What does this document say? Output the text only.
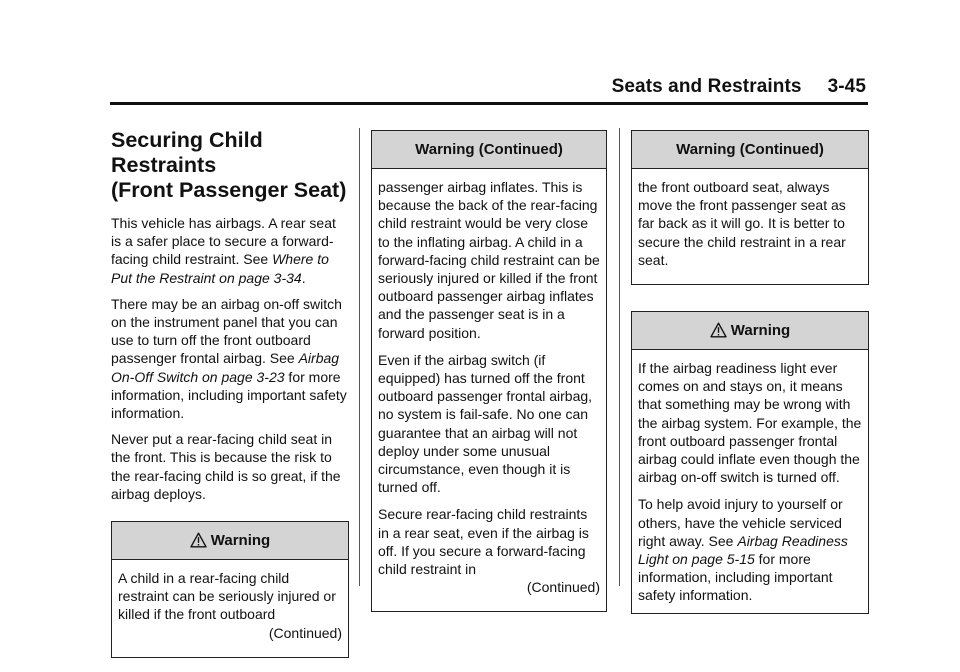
Seats and Restraints 3-45
Securing Child Restraints
(Front Passenger Seat)

This vehicle has airbags. A rear seat is a safer place to secure a forward-facing child restraint. See Where to Put the Restraint on page 3-34.

There may be an airbag on-off switch on the instrument panel that you can use to turn off the front outboard passenger frontal airbag. See Airbag On-Off Switch on page 3-23 for more information, including important safety information.

Never put a rear-facing child seat in the front. This is because the risk to the rear-facing child is so great, if the airbag deploys.

Warning

A child in a rear-facing child restraint can be seriously injured or killed if the front outboard

(Continued)

Warning (Continued)

passenger airbag inflates. This is because the back of the rear-facing child restraint would be very close to the inflating airbag. A child in a forward-facing child restraint can be seriously injured or killed if the front outboard passenger airbag inflates and the passenger seat is in a forward position.

Even if the airbag switch (if equipped) has turned off the front outboard passenger frontal airbag, no system is fail-safe. No one can guarantee that an airbag will not deploy under some unusual circumstance, even though it is turned off.

Secure rear-facing child restraints in a rear seat, even if the airbag is off. If you secure a forward-facing child restraint in

(Continued)

Warning (Continued)

the front outboard seat, always move the front passenger seat as far back as it will go. It is better to secure the child restraint in a rear seat.

Warning

If the airbag readiness light ever comes on and stays on, it means that something may be wrong with the airbag system. For example, the front outboard passenger frontal airbag could inflate even though the airbag on-off switch is turned off.

To help avoid injury to yourself or others, have the vehicle serviced right away. See Airbag Readiness Light on page 5-15 for more information, including important safety information.
